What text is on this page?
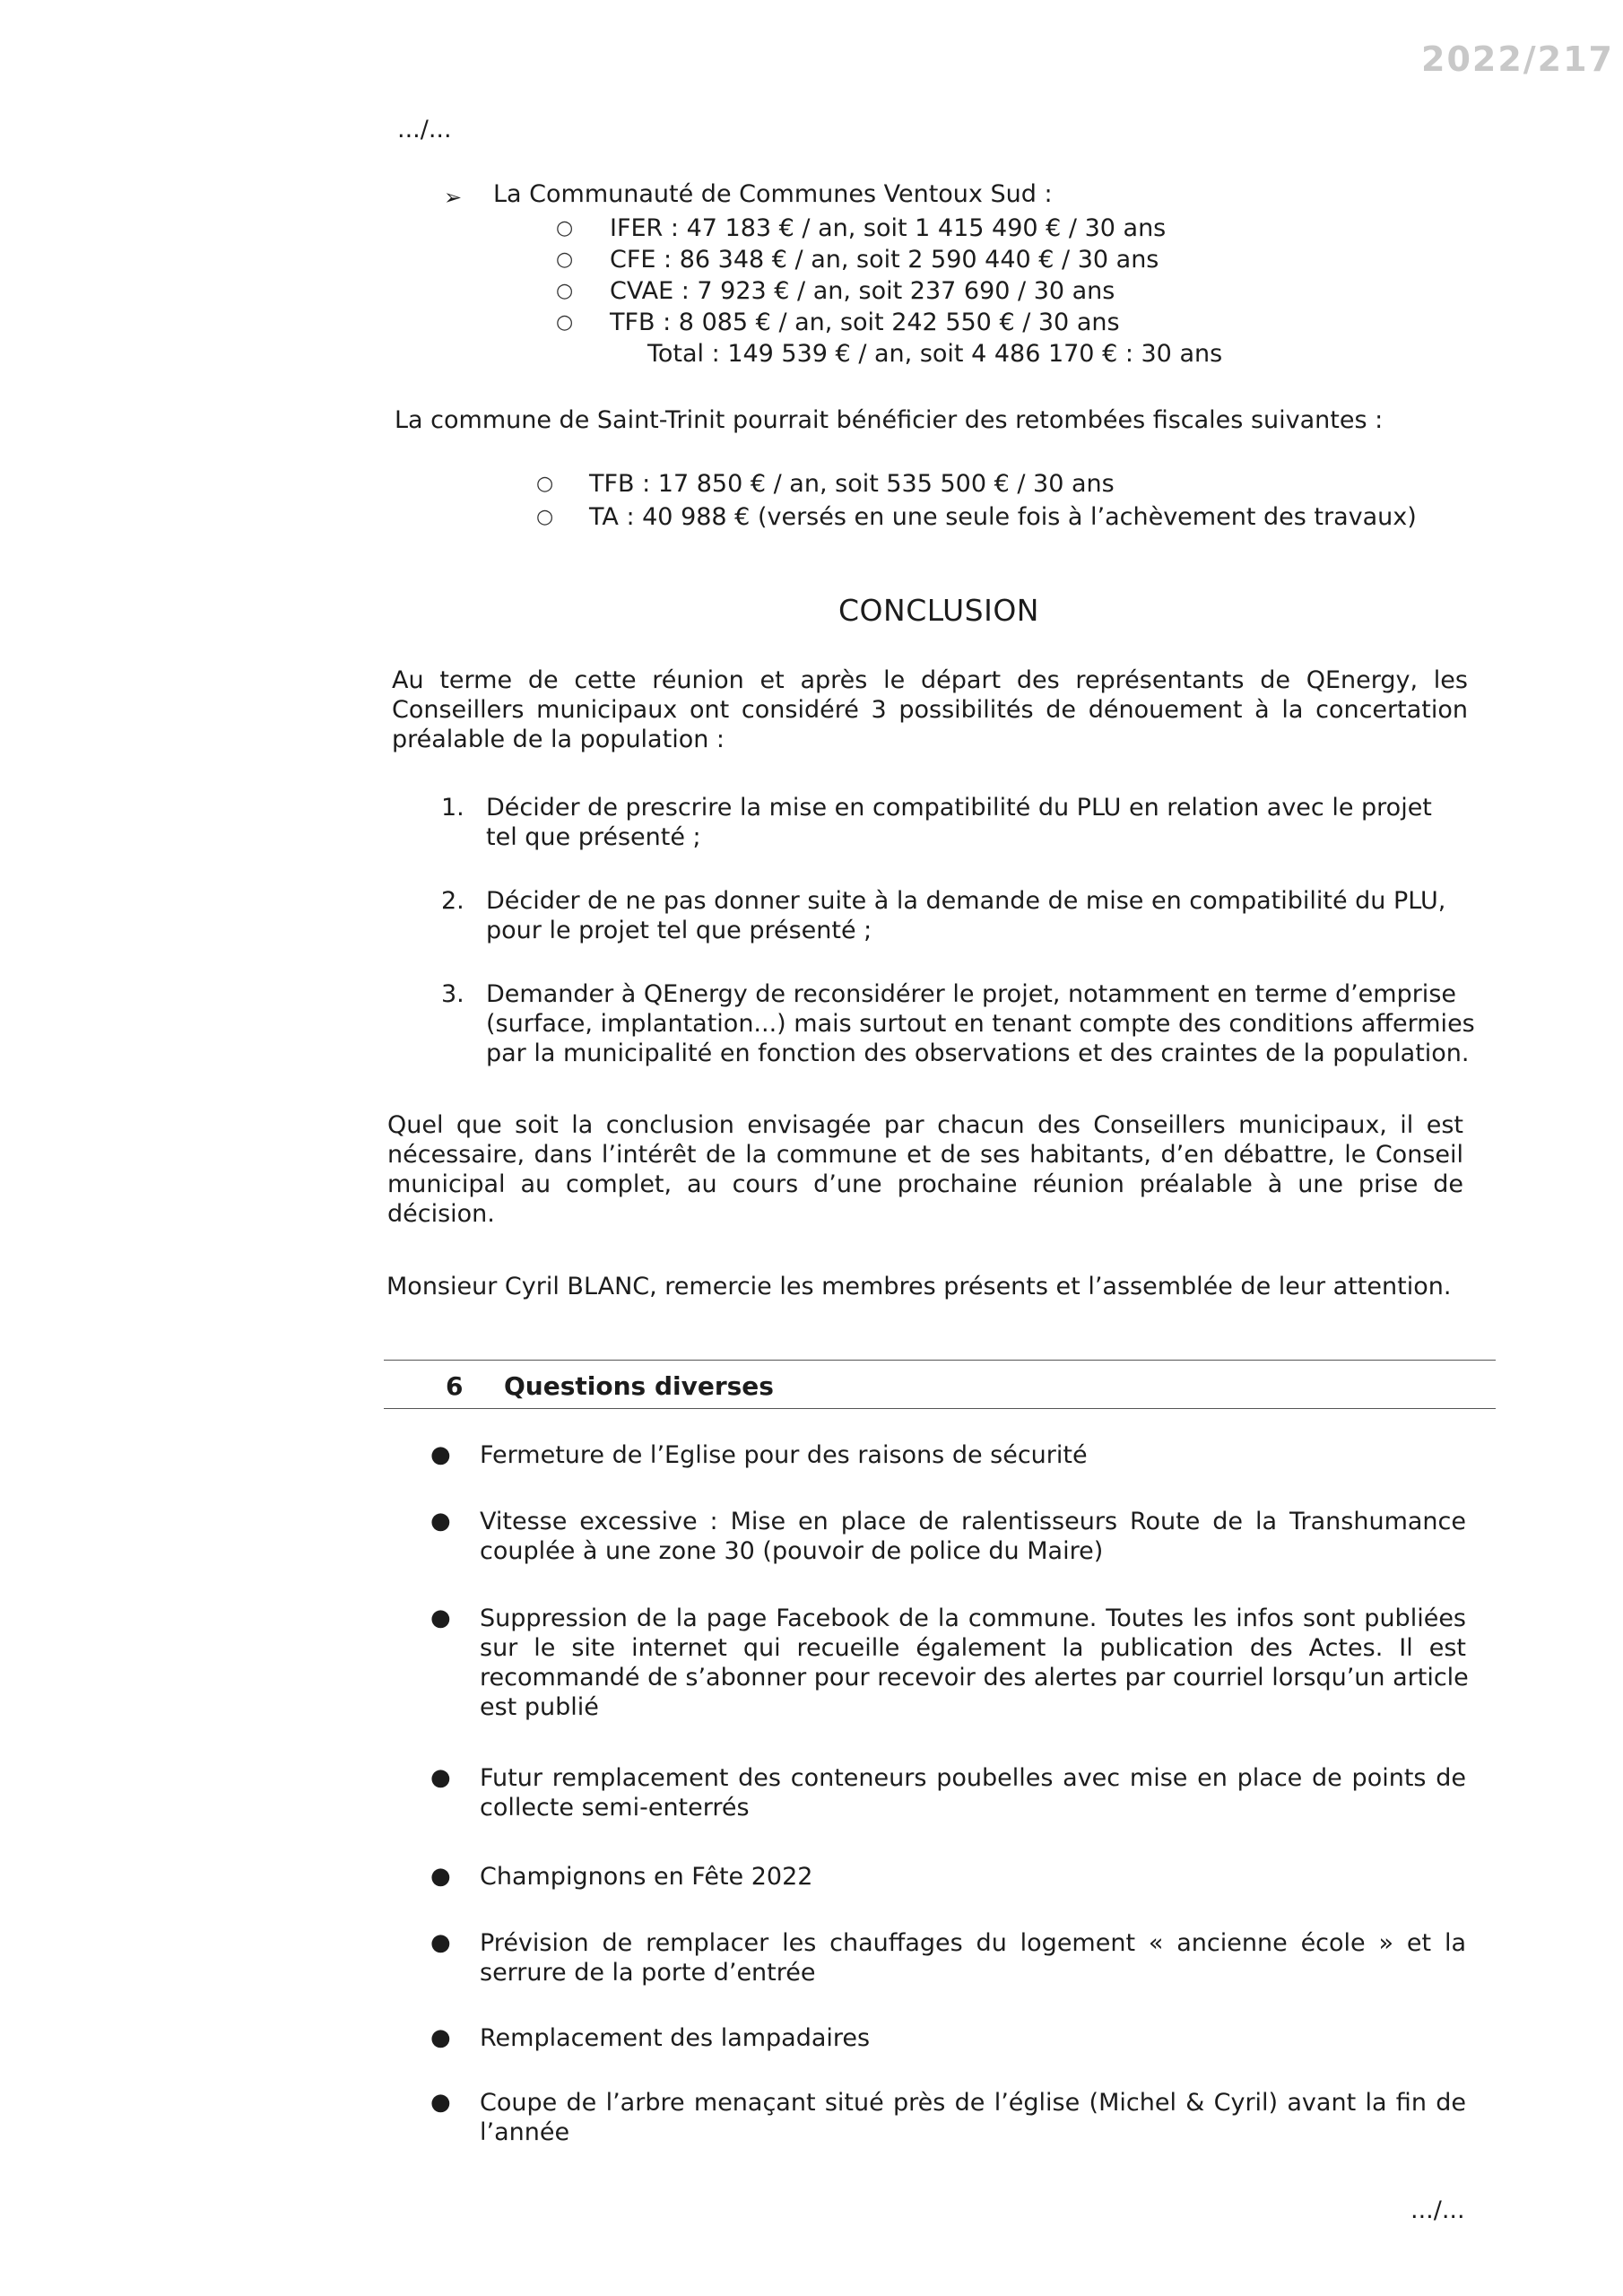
2022/217
.../...
➢ La Communauté de Communes Ventoux Sud :
○ IFER : 47 183 € / an, soit 1 415 490 € / 30 ans
○ CFE : 86 348 € / an, soit 2 590 440 € / 30 ans
○ CVAE : 7 923 € / an, soit 237 690 / 30 ans
○ TFB : 8 085 € / an, soit 242 550 € / 30 ans
Total : 149 539 € / an, soit 4 486 170 € : 30 ans
La commune de Saint-Trinit pourrait bénéficier des retombées fiscales suivantes :
○ TFB : 17 850 € / an, soit 535 500 € / 30 ans
○ TA : 40 988 € (versés en une seule fois à l’achèvement des travaux)
CONCLUSION
Au terme de cette réunion et après le départ des représentants de QEnergy, les
Conseillers municipaux ont considéré 3 possibilités de dénouement à la concertation
préalable de la population :
1. Décider de prescrire la mise en compatibilité du PLU en relation avec le projet
tel que présenté ;
2. Décider de ne pas donner suite à la demande de mise en compatibilité du PLU,
pour le projet tel que présenté ;
3. Demander à QEnergy de reconsidérer le projet, notamment en terme d’emprise
(surface, implantation...) mais surtout en tenant compte des conditions affermies
par la municipalité en fonction des observations et des craintes de la population.
Quel que soit la conclusion envisagée par chacun des Conseillers municipaux, il est
nécessaire, dans l’intérêt de la commune et de ses habitants, d’en débattre, le Conseil
municipal au complet, au cours d’une prochaine réunion préalable à une prise de
décision.
Monsieur Cyril BLANC, remercie les membres présents et l’assemblée de leur attention.
6 Questions diverses
● Fermeture de l’Eglise pour des raisons de sécurité
● Vitesse excessive : Mise en place de ralentisseurs Route de la Transhumance
couplée à une zone 30 (pouvoir de police du Maire)
● Suppression de la page Facebook de la commune. Toutes les infos sont publiées
sur le site internet qui recueille également la publication des Actes. Il est
recommandé de s’abonner pour recevoir des alertes par courriel lorsqu’un article
est publié
● Futur remplacement des conteneurs poubelles avec mise en place de points de
collecte semi-enterrés
● Champignons en Fête 2022
● Prévision de remplacer les chauffages du logement « ancienne école » et la
serrure de la porte d’entrée
● Remplacement des lampadaires
● Coupe de l’arbre menaçant situé près de l’église (Michel & Cyril) avant la fin de
l’année
.../...
